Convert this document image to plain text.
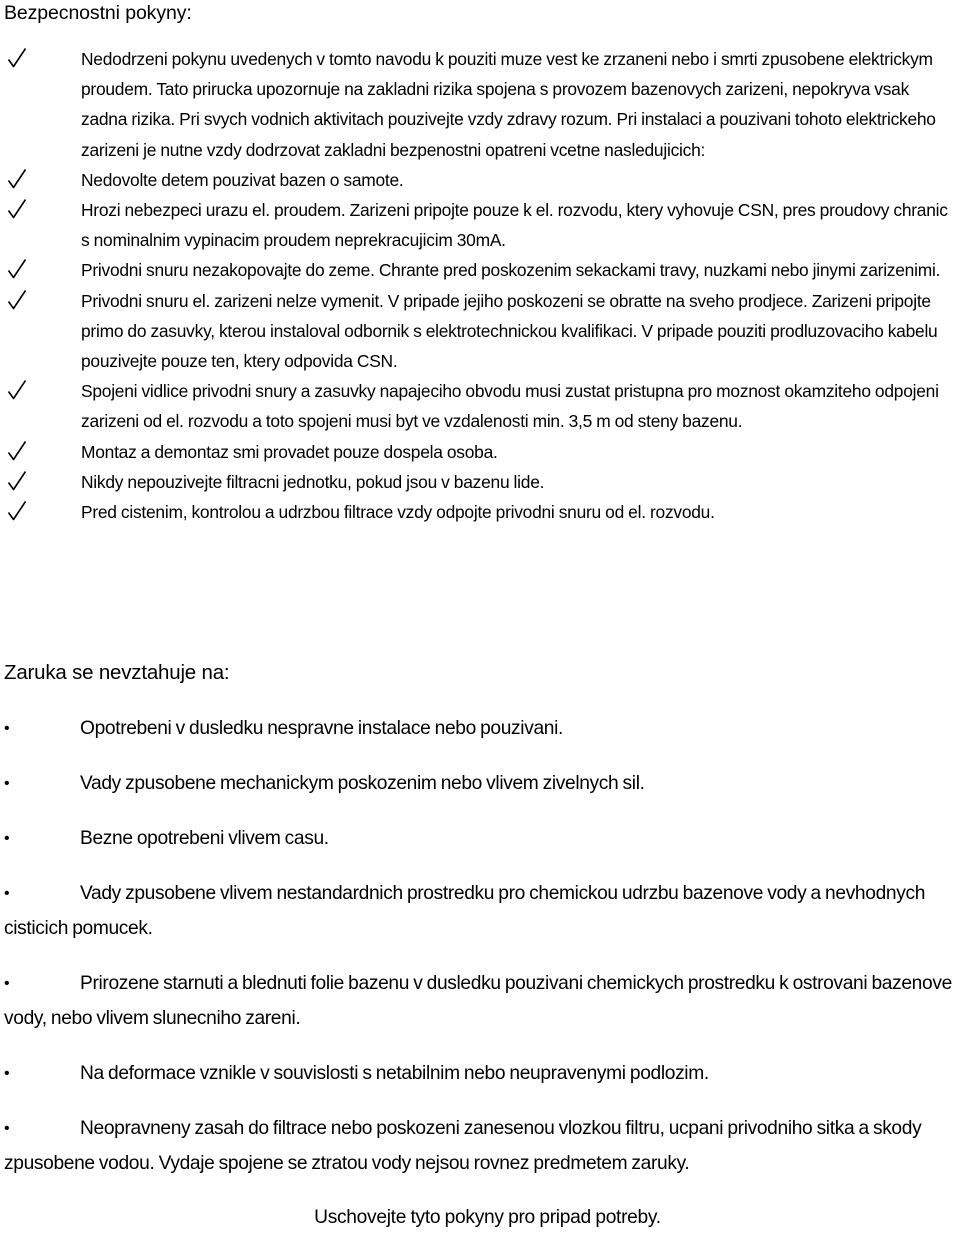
Bezpecnostni pokyny:
Nedodrzeni pokynu uvedenych v tomto navodu k pouziti muze vest ke zrzaneni nebo i smrti zpusobene elektrickym proudem. Tato prirucka upozornuje na zakladni rizika spojena s provozem bazenovych zarizeni, nepokryva vsak zadna rizika. Pri svych vodnich aktivitach pouzivejte vzdy zdravy rozum. Pri instalaci a pouzivani tohoto elektrickeho zarizeni je nutne vzdy dodrzovat zakladni bezpenostni opatreni vcetne nasledujicich:
Nedovolte detem pouzivat bazen o samote.
Hrozi nebezpeci urazu el. proudem. Zarizeni pripojte pouze k el. rozvodu, ktery vyhovuje CSN, pres proudovy chranic s nominalnim vypinacim proudem neprekracujicim 30mA.
Privodni snuru nezakopovajte do zeme. Chrante pred poskozenim sekackami travy, nuzkami nebo jinymi zarizenimi.
Privodni snuru el. zarizeni nelze vymenit. V pripade jejiho poskozeni se obratte na sveho prodjece. Zarizeni pripojte primo do zasuvky, kterou instaloval odbornik s elektrotechnickou kvalifikaci. V pripade pouziti prodluzovaciho kabelu pouzivejte pouze ten, ktery odpovida CSN.
Spojeni vidlice privodni snury a zasuvky napajeciho obvodu musi zustat pristupna pro moznost okamziteho odpojeni zarizeni od el. rozvodu a toto spojeni musi byt ve vzdalenosti min. 3,5 m od steny bazenu.
Montaz a demontaz smi provadet pouze dospela osoba.
Nikdy nepouzivejte filtracni jednotku, pokud jsou v bazenu lide.
Pred cistenim, kontrolou a udrzbou filtrace vzdy odpojte privodni snuru od el. rozvodu.
Zaruka se nevztahuje na:
•	Opotrebeni v dusledku nespravne instalace nebo pouzivani.
•	Vady zpusobene mechanickym poskozenim nebo vlivem zivelnych sil.
•	Bezne opotrebeni vlivem casu.
•	Vady zpusobene vlivem nestandardnich prostredku pro chemickou udrzbu bazenove vody a nevhodnych cisticich pomucek.
•	Prirozene starnuti a blednuti folie bazenu v dusledku pouzivani chemickych prostredku k ostrovani bazenove vody, nebo vlivem slunecniho zareni.
•	Na deformace vznikle v souvislosti s netabilnim nebo neupravenymi podlozim.
•	Neopravneny zasah do filtrace nebo poskozeni zanesenou vlozkou filtru, ucpani privodniho sitka a skody zpusobene vodou. Vydaje spojene se ztratou vody nejsou rovnez predmetem zaruky.

Uschovejte tyto pokyny pro pripad potreby.
